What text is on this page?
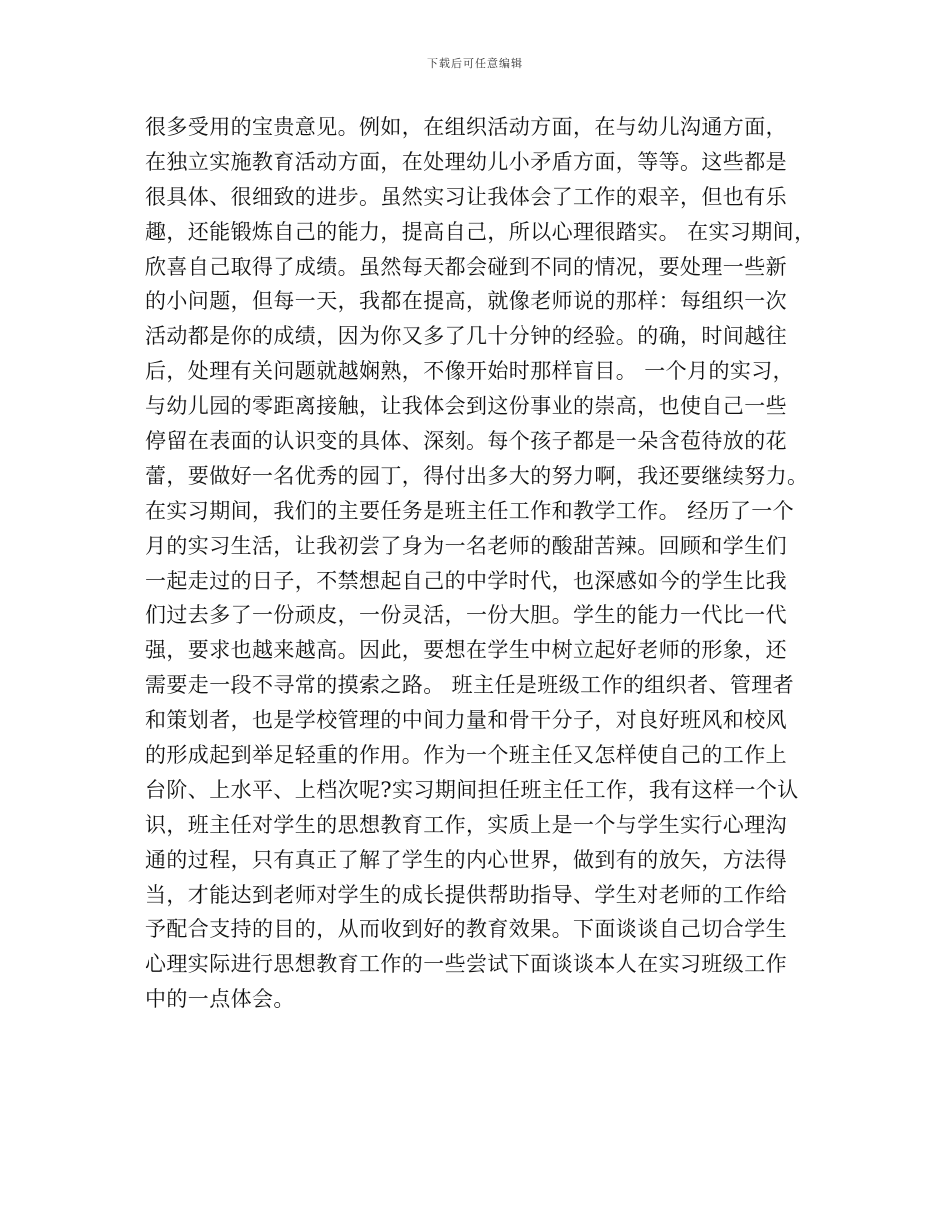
下载后可任意编辑
很多受用的宝贵意见。例如，在组织活动方面，在与幼儿沟通方面，
在独立实施教育活动方面，在处理幼儿小矛盾方面，等等。这些都是
很具体、很细致的进步。虽然实习让我体会了工作的艰辛，但也有乐
趣，还能锻炼自己的能力，提高自己，所以心理很踏实。 在实习期间，
欣喜自己取得了成绩。虽然每天都会碰到不同的情况，要处理一些新
的小问题，但每一天，我都在提高，就像老师说的那样：每组织一次
活动都是你的成绩，因为你又多了几十分钟的经验。的确，时间越往
后，处理有关问题就越娴熟，不像开始时那样盲目。 一个月的实习，
与幼儿园的零距离接触，让我体会到这份事业的崇高，也使自己一些
停留在表面的认识变的具体、深刻。每个孩子都是一朵含苞待放的花
蕾，要做好一名优秀的园丁，得付出多大的努力啊，我还要继续努力。
在实习期间，我们的主要任务是班主任工作和教学工作。 经历了一个
月的实习生活，让我初尝了身为一名老师的酸甜苦辣。回顾和学生们
一起走过的日子，不禁想起自己的中学时代，也深感如今的学生比我
们过去多了一份顽皮，一份灵活，一份大胆。学生的能力一代比一代
强，要求也越来越高。因此，要想在学生中树立起好老师的形象，还
需要走一段不寻常的摸索之路。 班主任是班级工作的组织者、管理者
和策划者，也是学校管理的中间力量和骨干分子，对良好班风和校风
的形成起到举足轻重的作用。作为一个班主任又怎样使自己的工作上
台阶、上水平、上档次呢?实习期间担任班主任工作，我有这样一个认
识，班主任对学生的思想教育工作，实质上是一个与学生实行心理沟
通的过程，只有真正了解了学生的内心世界，做到有的放矢，方法得
当，才能达到老师对学生的成长提供帮助指导、学生对老师的工作给
予配合支持的目的，从而收到好的教育效果。下面谈谈自己切合学生
心理实际进行思想教育工作的一些尝试下面谈谈本人在实习班级工作
中的一点体会。
